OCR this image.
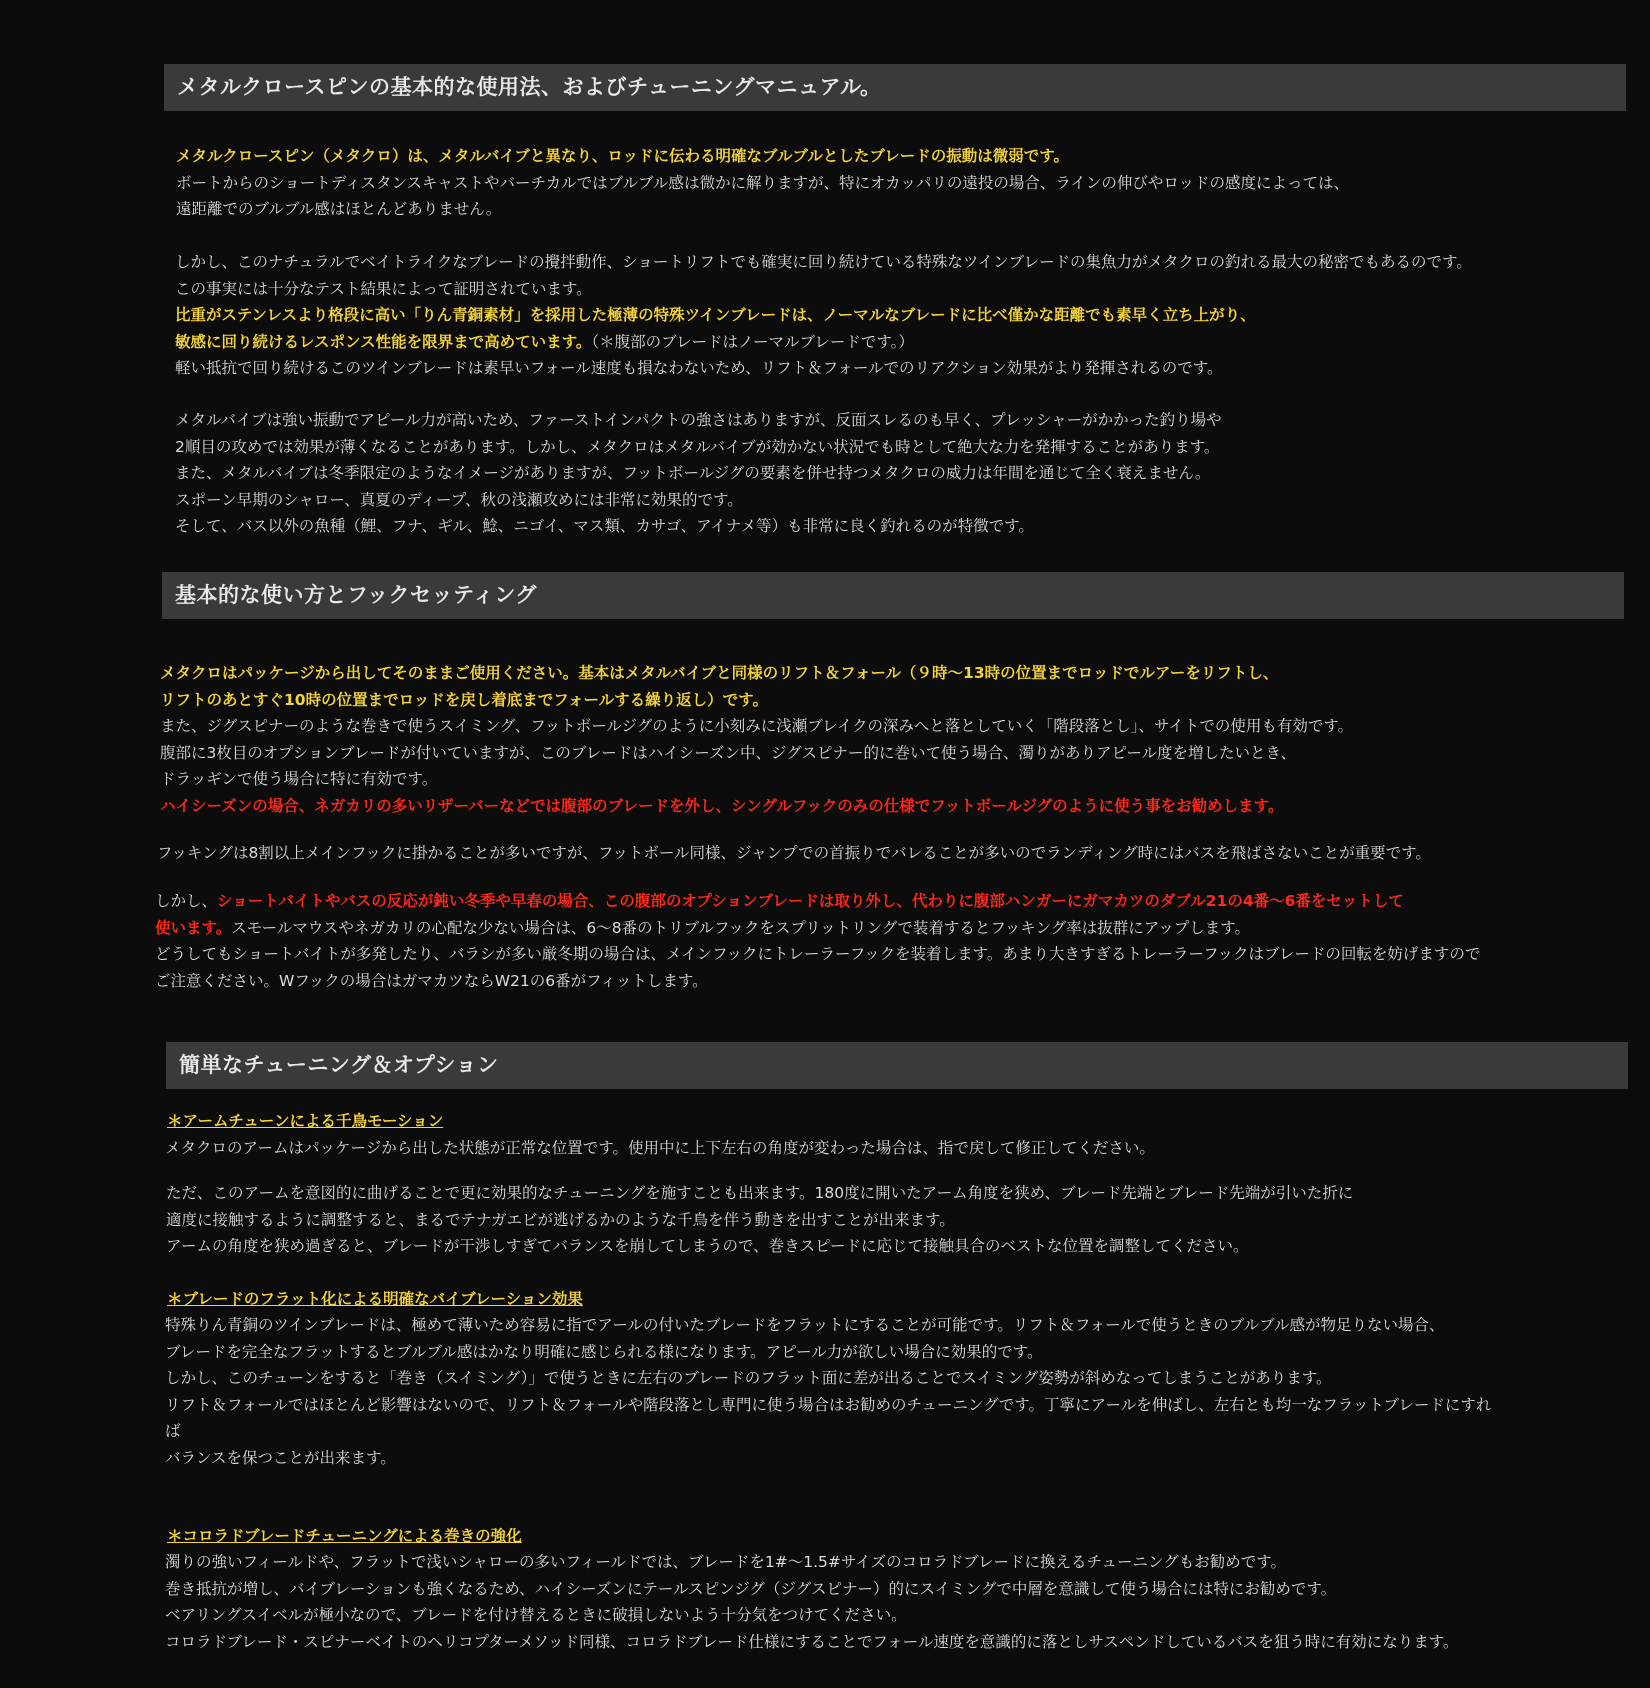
メタルクロースピンの基本的な使用法、およびチューニングマニュアル。
メタルクロースピン（メタクロ）は、メタルバイブと異なり、ロッドに伝わる明確なブルブルとしたブレードの振動は微弱です。
ボートからのショートディスタンスキャストやバーチカルではブルブル感は微かに解りますが、特にオカッパリの遠投の場合、ラインの伸びやロッドの感度によっては、
遠距離でのブルブル感はほとんどありません。
しかし、このナチュラルでベイトライクなブレードの攪拌動作、ショートリフトでも確実に回り続けている特殊なツインブレードの集魚力がメタクロの釣れる最大の秘密でもあるのです。
この事実には十分なテスト結果によって証明されています。
比重がステンレスより格段に高い「りん青銅素材」を採用した極薄の特殊ツインブレードは、ノーマルなブレードに比べ僅かな距離でも素早く立ち上がり、
敏感に回り続けるレスポンス性能を限界まで高めています。（＊腹部のブレードはノーマルブレードです。）
軽い抵抗で回り続けるこのツインブレードは素早いフォール速度も損なわないため、リフト＆フォールでのリアクション効果がより発揮されるのです。
メタルバイブは強い振動でアピール力が高いため、ファーストインパクトの強さはありますが、反面スレるのも早く、プレッシャーがかかった釣り場や
2順目の攻めでは効果が薄くなることがあります。しかし、メタクロはメタルバイブが効かない状況でも時として絶大な力を発揮することがあります。
また、メタルバイブは冬季限定のようなイメージがありますが、フットボールジグの要素を併せ持つメタクロの威力は年間を通じて全く衰えません。
スポーン早期のシャロー、真夏のディープ、秋の浅瀬攻めには非常に効果的です。
そして、バス以外の魚種（鯉、フナ、ギル、鯰、ニゴイ、マス類、カサゴ、アイナメ等）も非常に良く釣れるのが特徴です。
基本的な使い方とフックセッティング
メタクロはパッケージから出してそのままご使用ください。基本はメタルバイブと同様のリフト＆フォール（９時～13時の位置までロッドでルアーをリフトし、
リフトのあとすぐ10時の位置までロッドを戻し着底までフォールする繰り返し）です。
また、ジグスピナーのような巻きで使うスイミング、フットボールジグのように小刻みに浅瀬ブレイクの深みへと落としていく「階段落とし」、サイトでの使用も有効です。
腹部に3枚目のオプションブレードが付いていますが、このブレードはハイシーズン中、ジグスピナー的に巻いて使う場合、濁りがありアピール度を増したいとき、
ドラッギンで使う場合に特に有効です。
ハイシーズンの場合、ネガカリの多いリザーバーなどでは腹部のブレードを外し、シングルフックのみの仕様でフットボールジグのように使う事をお勧めします。
フッキングは8割以上メインフックに掛かることが多いですが、フットボール同様、ジャンプでの首振りでバレることが多いのでランディング時にはバスを飛ばさないことが重要です。
しかし、ショートバイトやバスの反応が鈍い冬季や早春の場合、この腹部のオプションブレードは取り外し、代わりに腹部ハンガーにガマカツのダブル21の4番～6番をセットして
使います。スモールマウスやネガカリの心配な少ない場合は、6～8番のトリブルフックをスプリットリングで装着するとフッキング率は抜群にアップします。
どうしてもショートバイトが多発したり、バラシが多い厳冬期の場合は、メインフックにトレーラーフックを装着します。あまり大きすぎるトレーラーフックはブレードの回転を妨げますので
ご注意ください。Wフックの場合はガマカツならW21の6番がフィットします。
簡単なチューニング＆オプション
＊アームチューンによる千鳥モーション
メタクロのアームはパッケージから出した状態が正常な位置です。使用中に上下左右の角度が変わった場合は、指で戻して修正してください。
ただ、このアームを意図的に曲げることで更に効果的なチューニングを施すことも出来ます。180度に開いたアーム角度を狭め、ブレード先端とブレード先端が引いた折に
適度に接触するように調整すると、まるでテナガエビが逃げるかのような千鳥を伴う動きを出すことが出来ます。
アームの角度を狭め過ぎると、ブレードが干渉しすぎてバランスを崩してしまうので、巻きスピードに応じて接触具合のベストな位置を調整してください。
＊ブレードのフラット化による明確なバイブレーション効果
特殊りん青銅のツインブレードは、極めて薄いため容易に指でアールの付いたブレードをフラットにすることが可能です。リフト＆フォールで使うときのブルブル感が物足りない場合、
ブレードを完全なフラットするとブルブル感はかなり明確に感じられる様になります。アピール力が欲しい場合に効果的です。
しかし、このチューンをすると「巻き（スイミング）」で使うときに左右のブレードのフラット面に差が出ることでスイミング姿勢が斜めなってしまうことがあります。
リフト＆フォールではほとんど影響はないので、リフト＆フォールや階段落とし専門に使う場合はお勧めのチューニングです。丁寧にアールを伸ばし、左右とも均一なフラットブレードにすれ
ば
バランスを保つことが出来ます。
＊コロラドブレードチューニングによる巻きの強化
濁りの強いフィールドや、フラットで浅いシャローの多いフィールドでは、ブレードを1#～1.5#サイズのコロラドブレードに換えるチューニングもお勧めです。
巻き抵抗が増し、バイブレーションも強くなるため、ハイシーズンにテールスピンジグ（ジグスピナー）的にスイミングで中層を意識して使う場合には特にお勧めです。
ベアリングスイベルが極小なので、ブレードを付け替えるときに破損しないよう十分気をつけてください。
コロラドブレード・スピナーベイトのヘリコプターメソッド同様、コロラドブレード仕様にすることでフォール速度を意識的に落としサスペンドしているバスを狙う時に有効になります。
